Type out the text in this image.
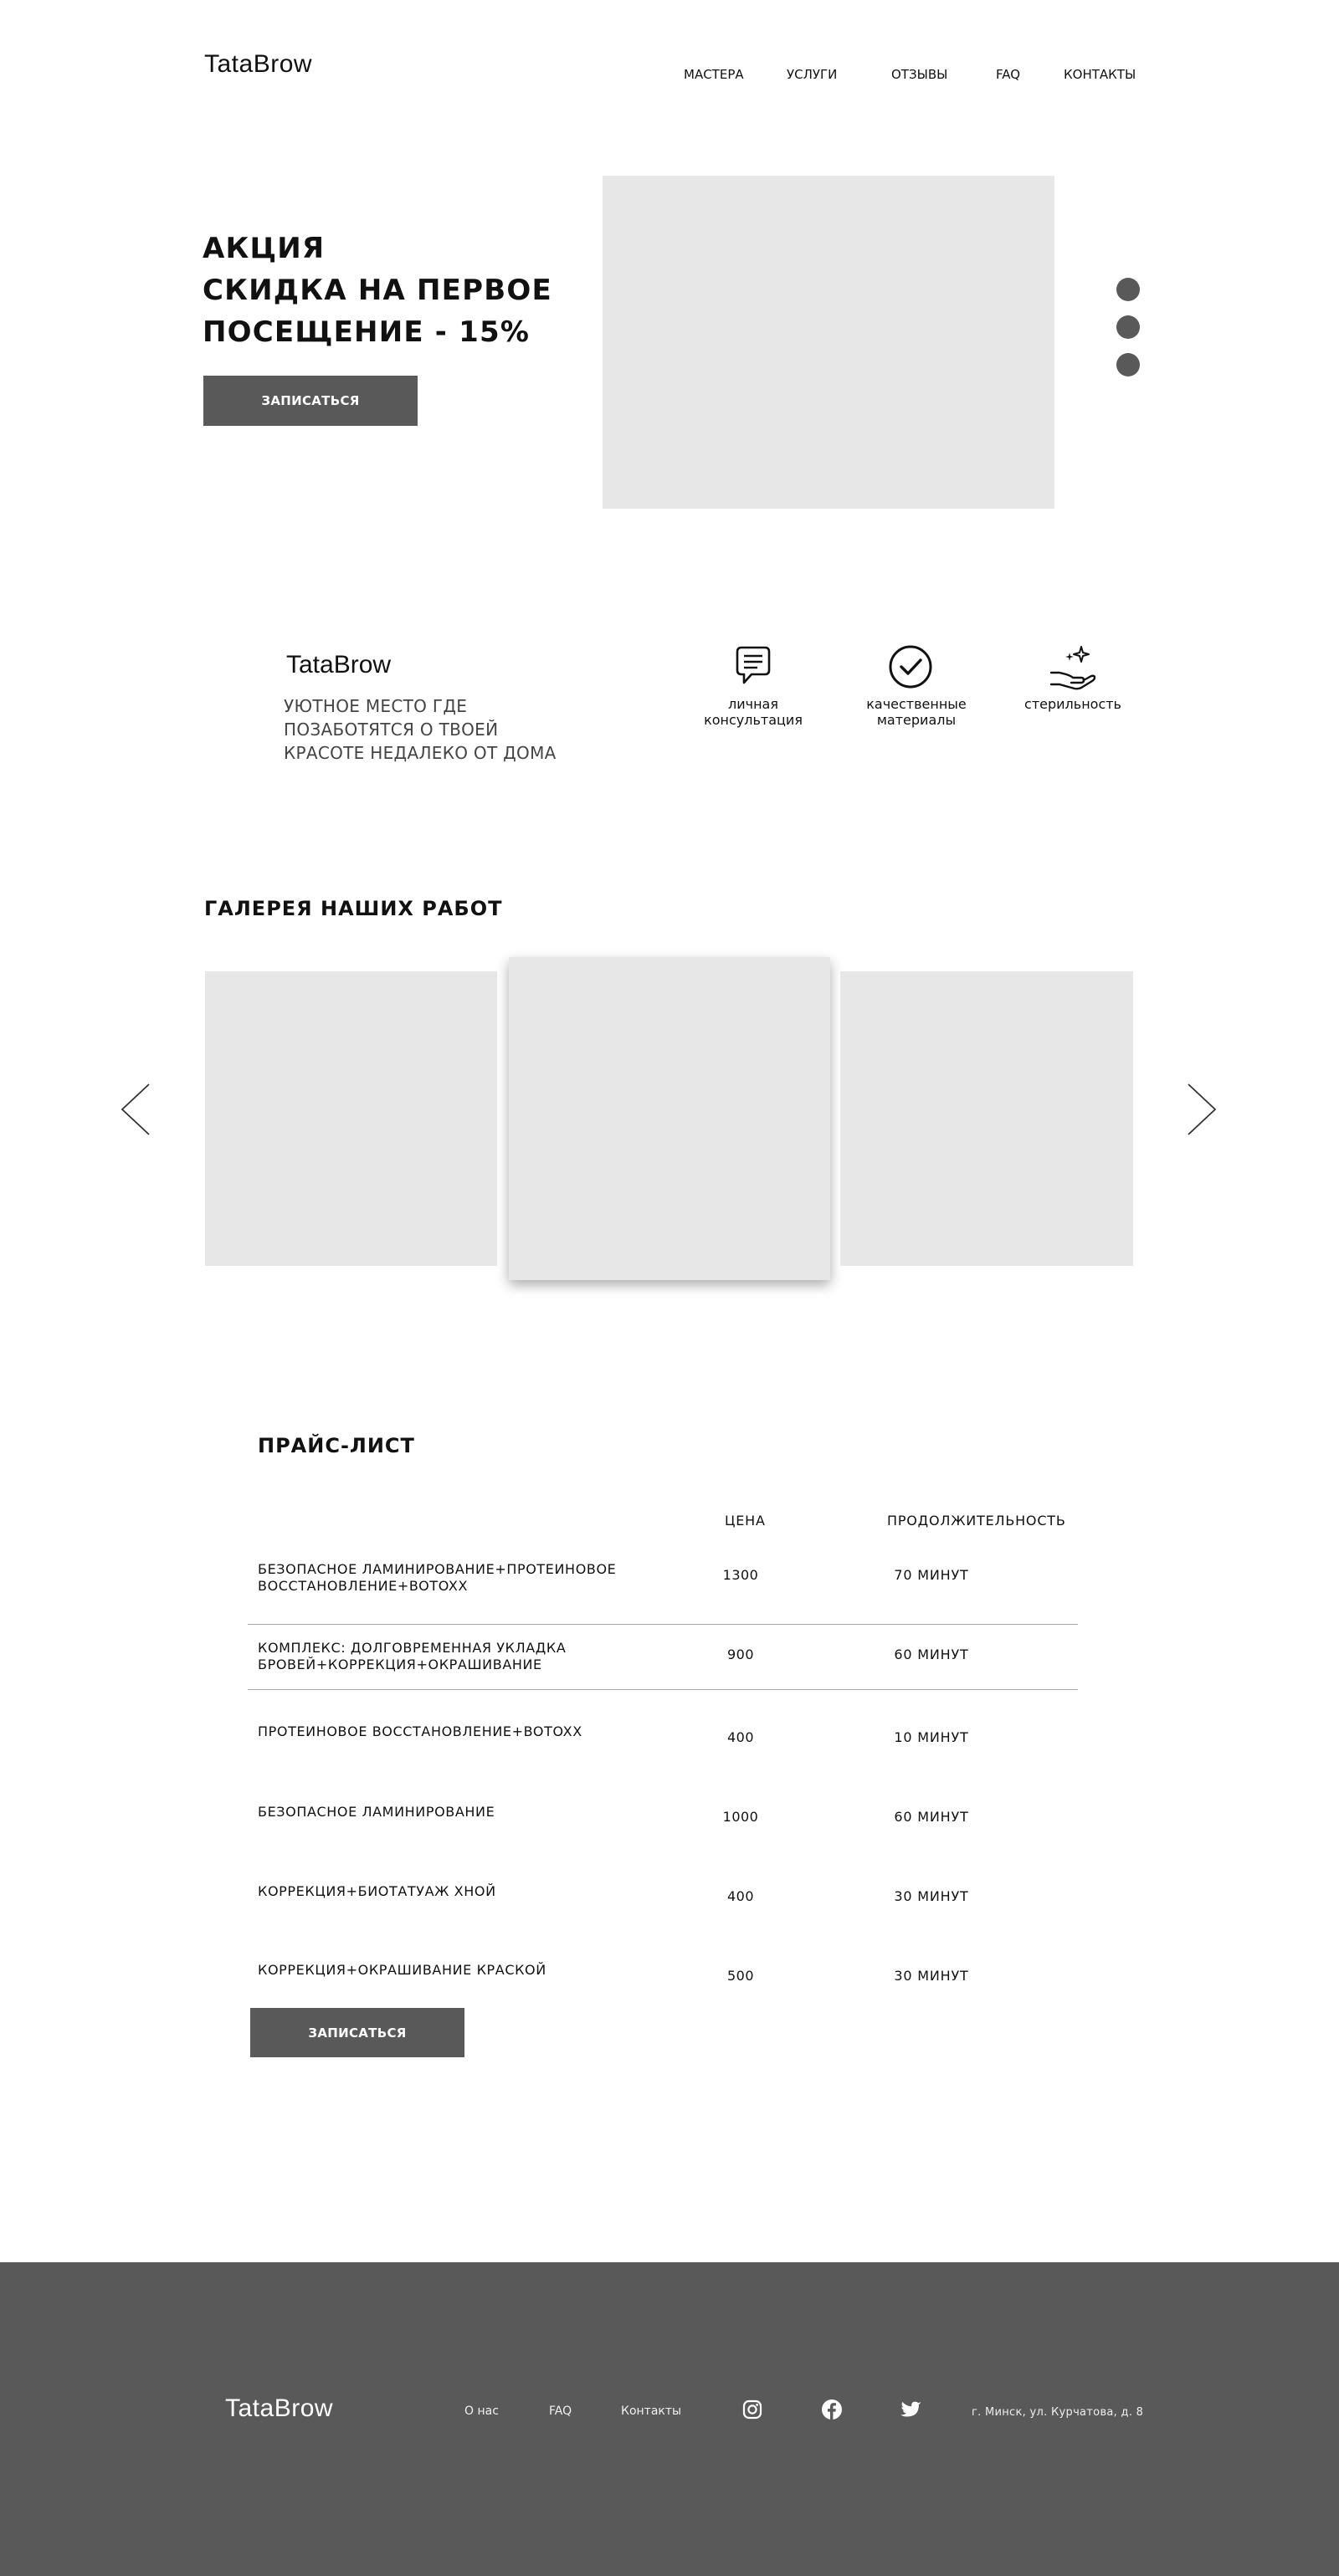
TataBrow	МАСТЕРА	УСЛУГИ	ОТЗЫВЫ	FAQ	КОНТАКТЫ
АКЦИЯ
СКИДКА НА ПЕРВОЕ
ПОСЕЩЕНИЕ - 15%
ЗАПИСАТЬСЯ
TataBrow
УЮТНОЕ МЕСТО ГДЕ
ПОЗАБОТЯТСЯ О ТВОЕЙ
КРАСОТЕ НЕДАЛЕКО ОТ ДОМА
личная
консультация
качественные
материалы
стерильность
ГАЛЕРЕЯ НАШИХ РАБОТ
ПРАЙС-ЛИСТ
ЦЕНА	ПРОДОЛЖИТЕЛЬНОСТЬ
БЕЗОПАСНОЕ ЛАМИНИРОВАНИЕ+ПРОТЕИНОВОЕ
ВОССТАНОВЛЕНИЕ+BOTOXX
1300	70 МИНУТ
КОМПЛЕКС: ДОЛГОВРЕМЕННАЯ УКЛАДКА
БРОВЕЙ+КОРРЕКЦИЯ+ОКРАШИВАНИЕ
900	60 МИНУТ
ПРОТЕИНОВОЕ ВОССТАНОВЛЕНИЕ+BOTOXX	400	10 МИНУТ
БЕЗОПАСНОЕ ЛАМИНИРОВАНИЕ	1000	60 МИНУТ
КОРРЕКЦИЯ+БИОТАТУАЖ ХНОЙ	400	30 МИНУТ
КОРРЕКЦИЯ+ОКРАШИВАНИЕ КРАСКОЙ	500	30 МИНУТ
ЗАПИСАТЬСЯ
TataBrow	О нас	FAQ	Контакты	г. Минск, ул. Курчатова, д. 8
